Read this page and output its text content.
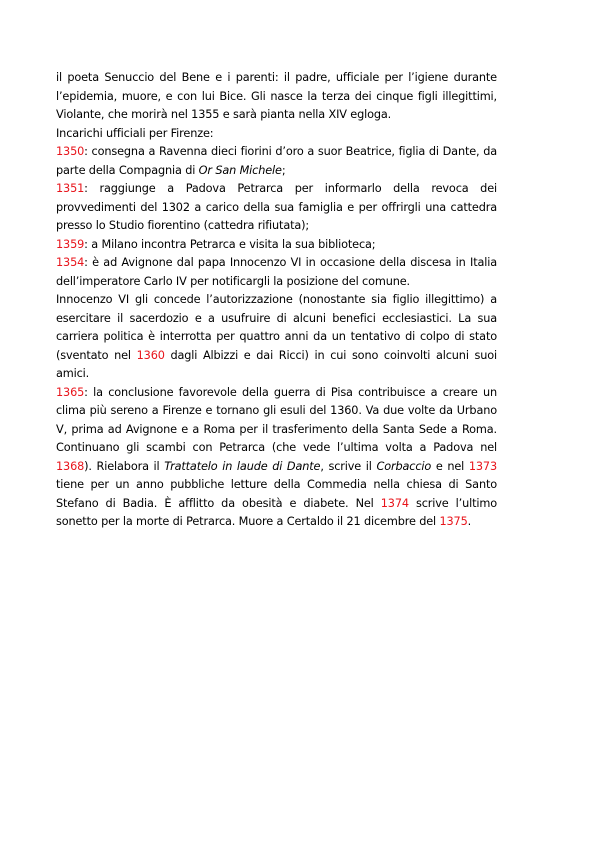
il poeta Senuccio del Bene e i parenti: il padre, ufficiale per l’igiene durante l’epidemia, muore, e con lui Bice. Gli nasce la terza dei cinque figli illegittimi, Violante, che morirà nel 1355 e sarà pianta nella XIV egloga.
Incarichi ufficiali per Firenze:
1350: consegna a Ravenna dieci fiorini d’oro a suor Beatrice, figlia di Dante, da parte della Compagnia di Or San Michele;
1351: raggiunge a Padova Petrarca per informarlo della revoca dei provvedimenti del 1302 a carico della sua famiglia e per offrirgli una cattedra presso lo Studio fiorentino (cattedra rifiutata);
1359: a Milano incontra Petrarca e visita la sua biblioteca;
1354: è ad Avignone dal papa Innocenzo VI in occasione della discesa in Italia dell’imperatore Carlo IV per notificargli la posizione del comune.
Innocenzo VI gli concede l’autorizzazione (nonostante sia figlio illegittimo) a esercitare il sacerdozio e a usufruire di alcuni benefici ecclesiastici. La sua carriera politica è interrotta per quattro anni da un tentativo di colpo di stato (sventato nel 1360 dagli Albizzi e dai Ricci) in cui sono coinvolti alcuni suoi amici.
1365: la conclusione favorevole della guerra di Pisa contribuisce a creare un clima più sereno a Firenze e tornano gli esuli del 1360. Va due volte da Urbano V, prima ad Avignone e a Roma per il trasferimento della Santa Sede a Roma. Continuano gli scambi con Petrarca (che vede l’ultima volta a Padova nel 1368). Rielabora il Trattatelo in laude di Dante, scrive il Corbaccio e nel 1373 tiene per un anno pubbliche letture della Commedia nella chiesa di Santo Stefano di Badia. È afflitto da obesità e diabete. Nel 1374 scrive l’ultimo sonetto per la morte di Petrarca. Muore a Certaldo il 21 dicembre del 1375.
